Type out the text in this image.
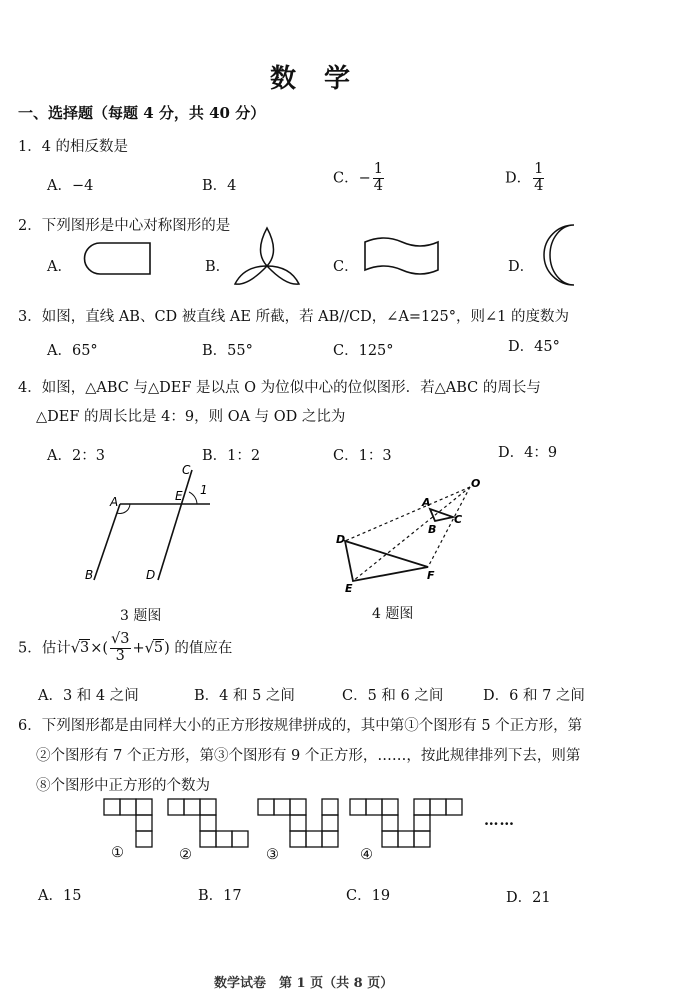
数学
一、选择题（每题 4 分，共 40 分）
1．4 的相反数是
A．−4	B．4	C．− $\frac{1}{4}$	D． $\frac{1}{4}$
2．下列图形是中心对称图形的是
A．	B．	C．	D．
3．如图，直线 AB、CD 被直线 AE 所截，若 AB//CD，∠A=125°，则∠1 的度数为
A．65°	B．55°	C．125°	D．45°
4．如图，△ABC 与△DEF 是以点 O 为位似中心的位似图形．若△ABC 的周长与
△DEF 的周长比是 4：9，则 OA 与 OD 之比为
A．2：3	B．1：2	C．1：3	D．4：9
A
B
C
D
E 1
3 题图
O
A
B
C
D
E
F
4 题图
5．估计$√3\times( \frac{√3}{3} +√5)$ 的值应在
A．3 和 4 之间	B．4 和 5 之间	C．5 和 6 之间	D．6 和 7 之间
6．下列图形都是由同样大小的正方形按规律拼成的，其中第①个图形有 5 个正方形，第
②个图形有 7 个正方形，第③个图形有 9 个正方形，……，按此规律排列下去，则第
⑧个图形中正方形的个数为
①	②	③	④
……
A．15	B．17	C．19	D．21
数学试卷　第 1 页（共 8 页）
